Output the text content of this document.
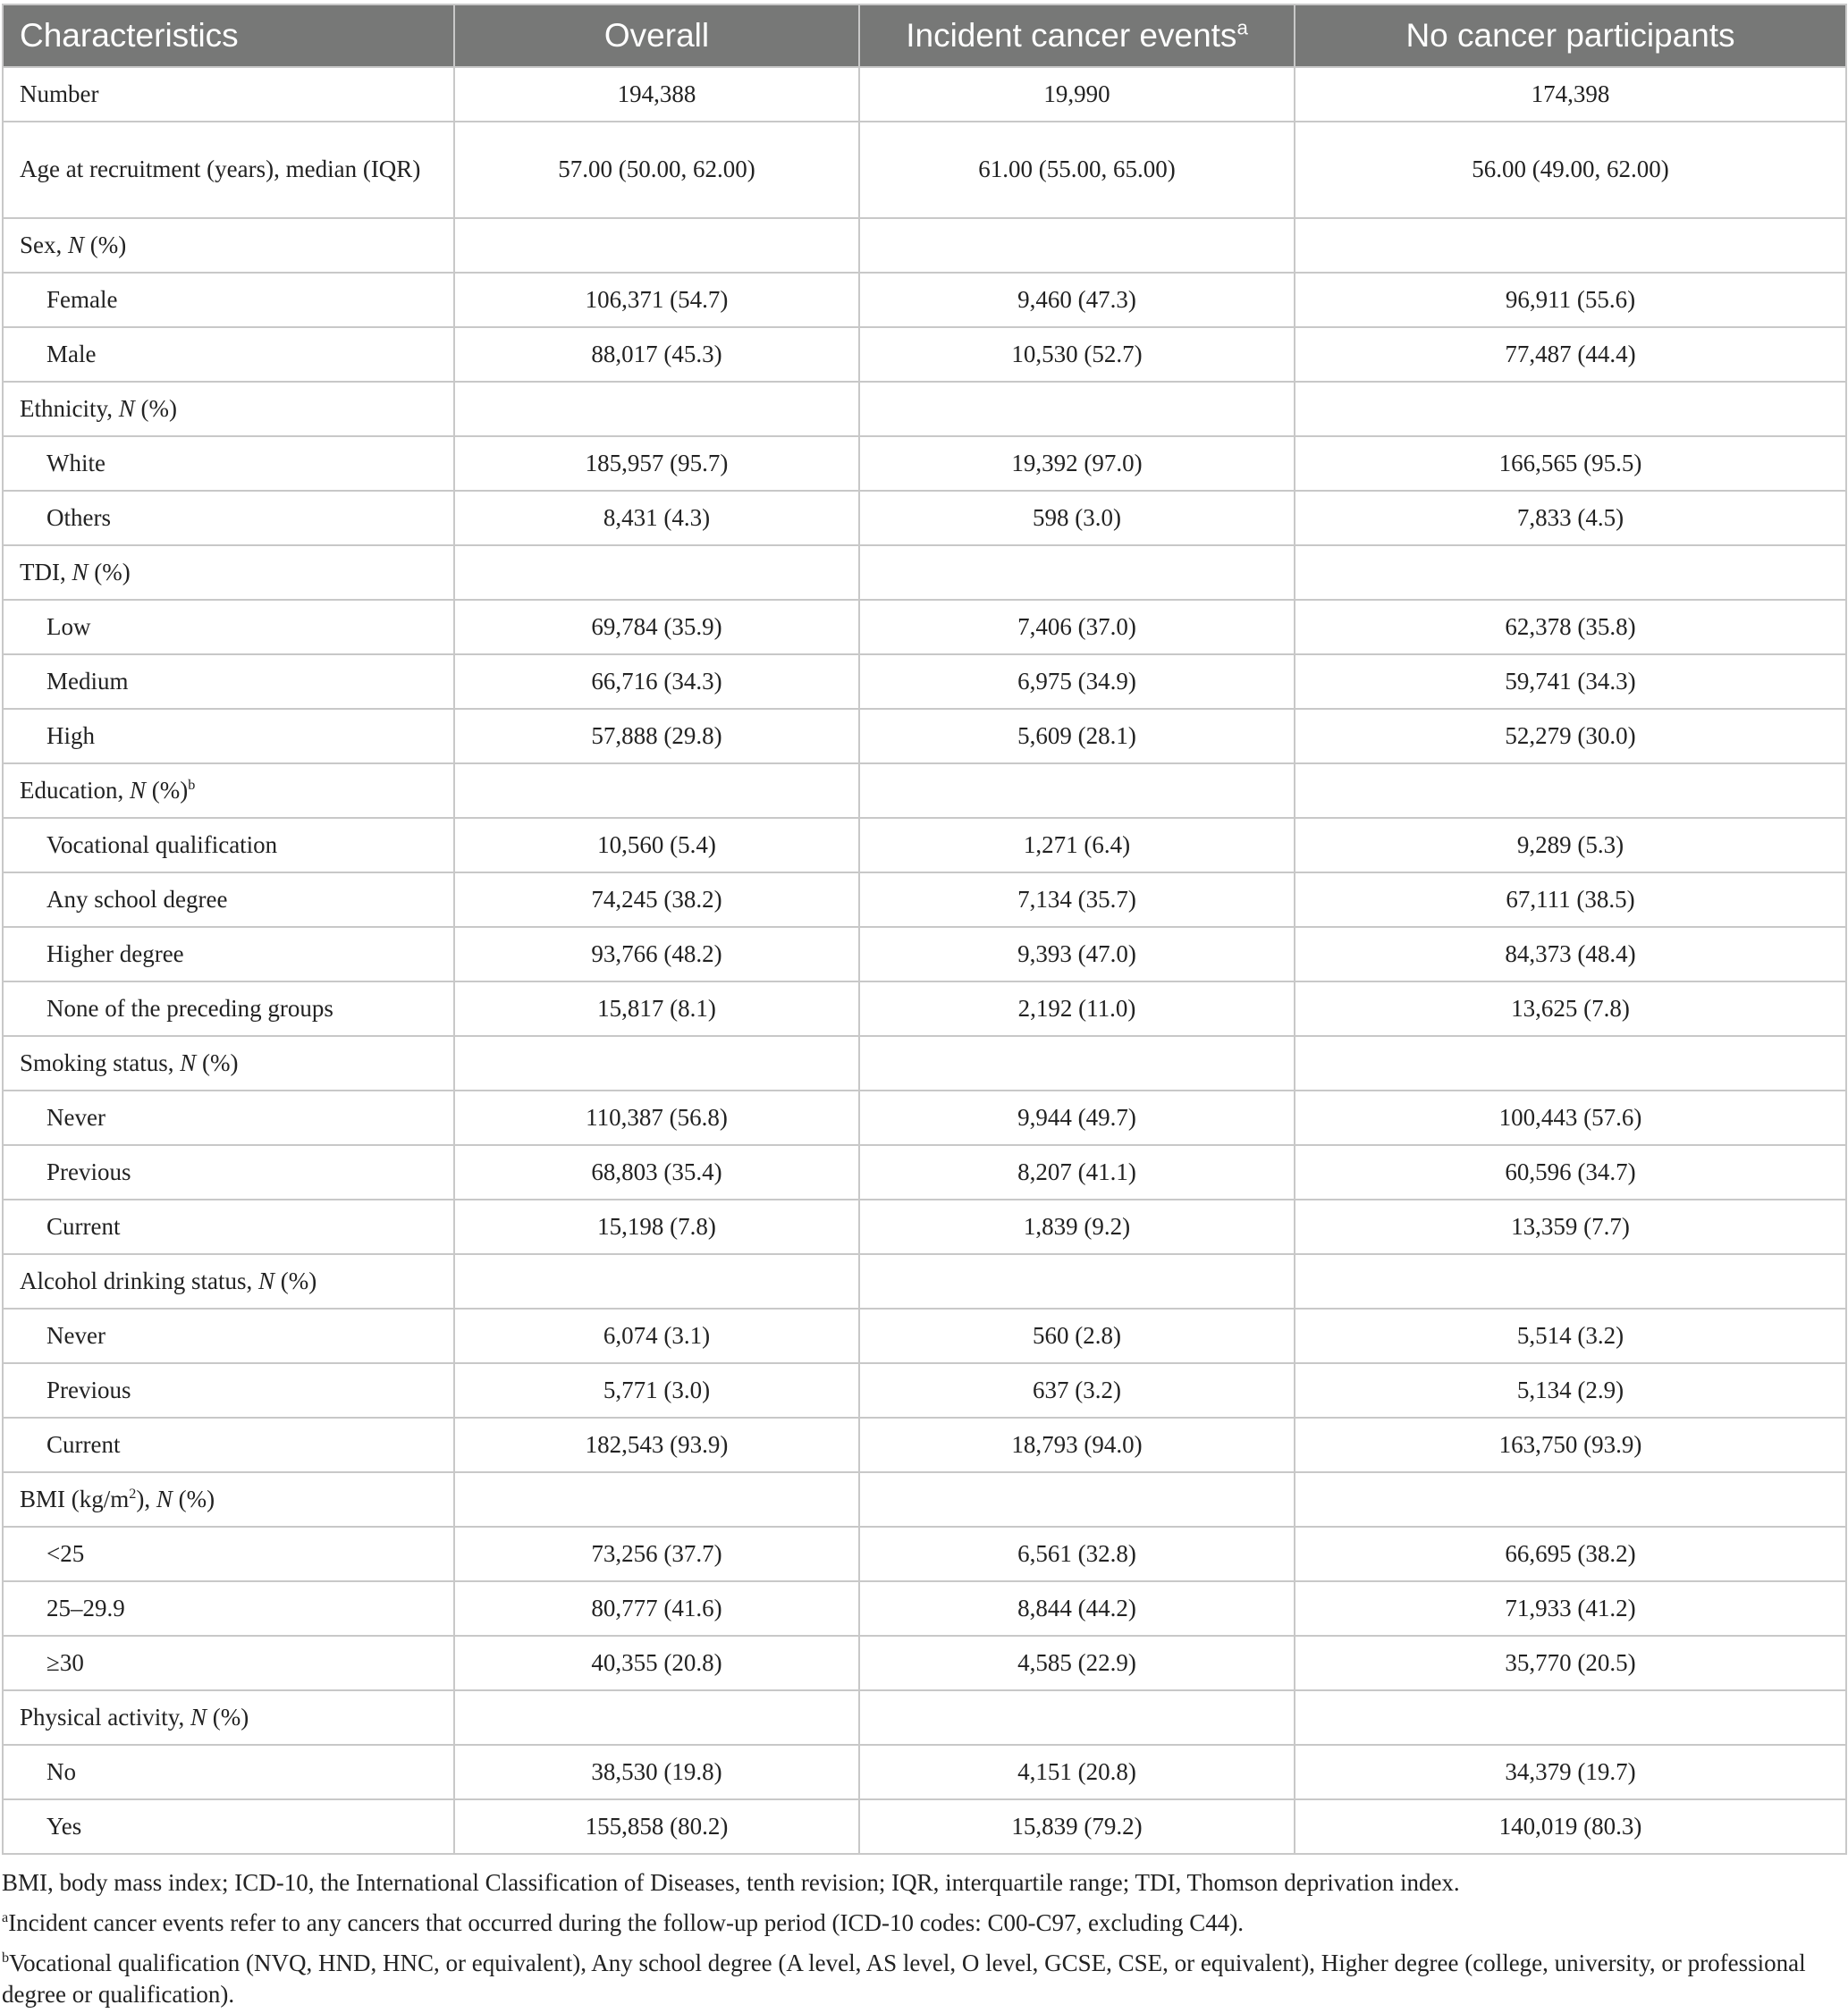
Characteristics	Overall	Incident cancer events$^a$	No cancer participants
Number	194,388	19,990	174,398
Age at recruitment (years), median (IQR)	57.00 (50.00, 62.00)	61.00 (55.00, 65.00)	56.00 (49.00, 62.00)
Sex, N (%)			
Female	106,371 (54.7)	9,460 (47.3)	96,911 (55.6)
Male	88,017 (45.3)	10,530 (52.7)	77,487 (44.4)
Ethnicity, N (%)			
White	185,957 (95.7)	19,392 (97.0)	166,565 (95.5)
Others	8,431 (4.3)	598 (3.0)	7,833 (4.5)
TDI, N (%)			
Low	69,784 (35.9)	7,406 (37.0)	62,378 (35.8)
Medium	66,716 (34.3)	6,975 (34.9)	59,741 (34.3)
High	57,888 (29.8)	5,609 (28.1)	52,279 (30.0)
Education, N (%)$^b$			
Vocational qualification	10,560 (5.4)	1,271 (6.4)	9,289 (5.3)
Any school degree	74,245 (38.2)	7,134 (35.7)	67,111 (38.5)
Higher degree	93,766 (48.2)	9,393 (47.0)	84,373 (48.4)
None of the preceding groups	15,817 (8.1)	2,192 (11.0)	13,625 (7.8)
Smoking status, N (%)			
Never	110,387 (56.8)	9,944 (49.7)	100,443 (57.6)
Previous	68,803 (35.4)	8,207 (41.1)	60,596 (34.7)
Current	15,198 (7.8)	1,839 (9.2)	13,359 (7.7)
Alcohol drinking status, N (%)			
Never	6,074 (3.1)	560 (2.8)	5,514 (3.2)
Previous	5,771 (3.0)	637 (3.2)	5,134 (2.9)
Current	182,543 (93.9)	18,793 (94.0)	163,750 (93.9)
BMI $(kg/m^2)$, N (%)			
<25	73,256 (37.7)	6,561 (32.8)	66,695 (38.2)
25–29.9	80,777 (41.6)	8,844 (44.2)	71,933 (41.2)
≥30	40,355 (20.8)	4,585 (22.9)	35,770 (20.5)
Physical activity, N (%)			
No	38,530 (19.8)	4,151 (20.8)	34,379 (19.7)
Yes	155,858 (80.2)	15,839 (79.2)	140,019 (80.3)

BMI, body mass index; ICD-10, the International Classification of Diseases, tenth revision; IQR, interquartile range; TDI, Thomson deprivation index.

$^a$Incident cancer events refer to any cancers that occurred during the follow-up period (ICD-10 codes: C00-C97, excluding C44).

$^b$Vocational qualification (NVQ, HND, HNC, or equivalent), Any school degree (A level, AS level, O level, GCSE, CSE, or equivalent), Higher degree (college, university, or professional degree or qualification).
